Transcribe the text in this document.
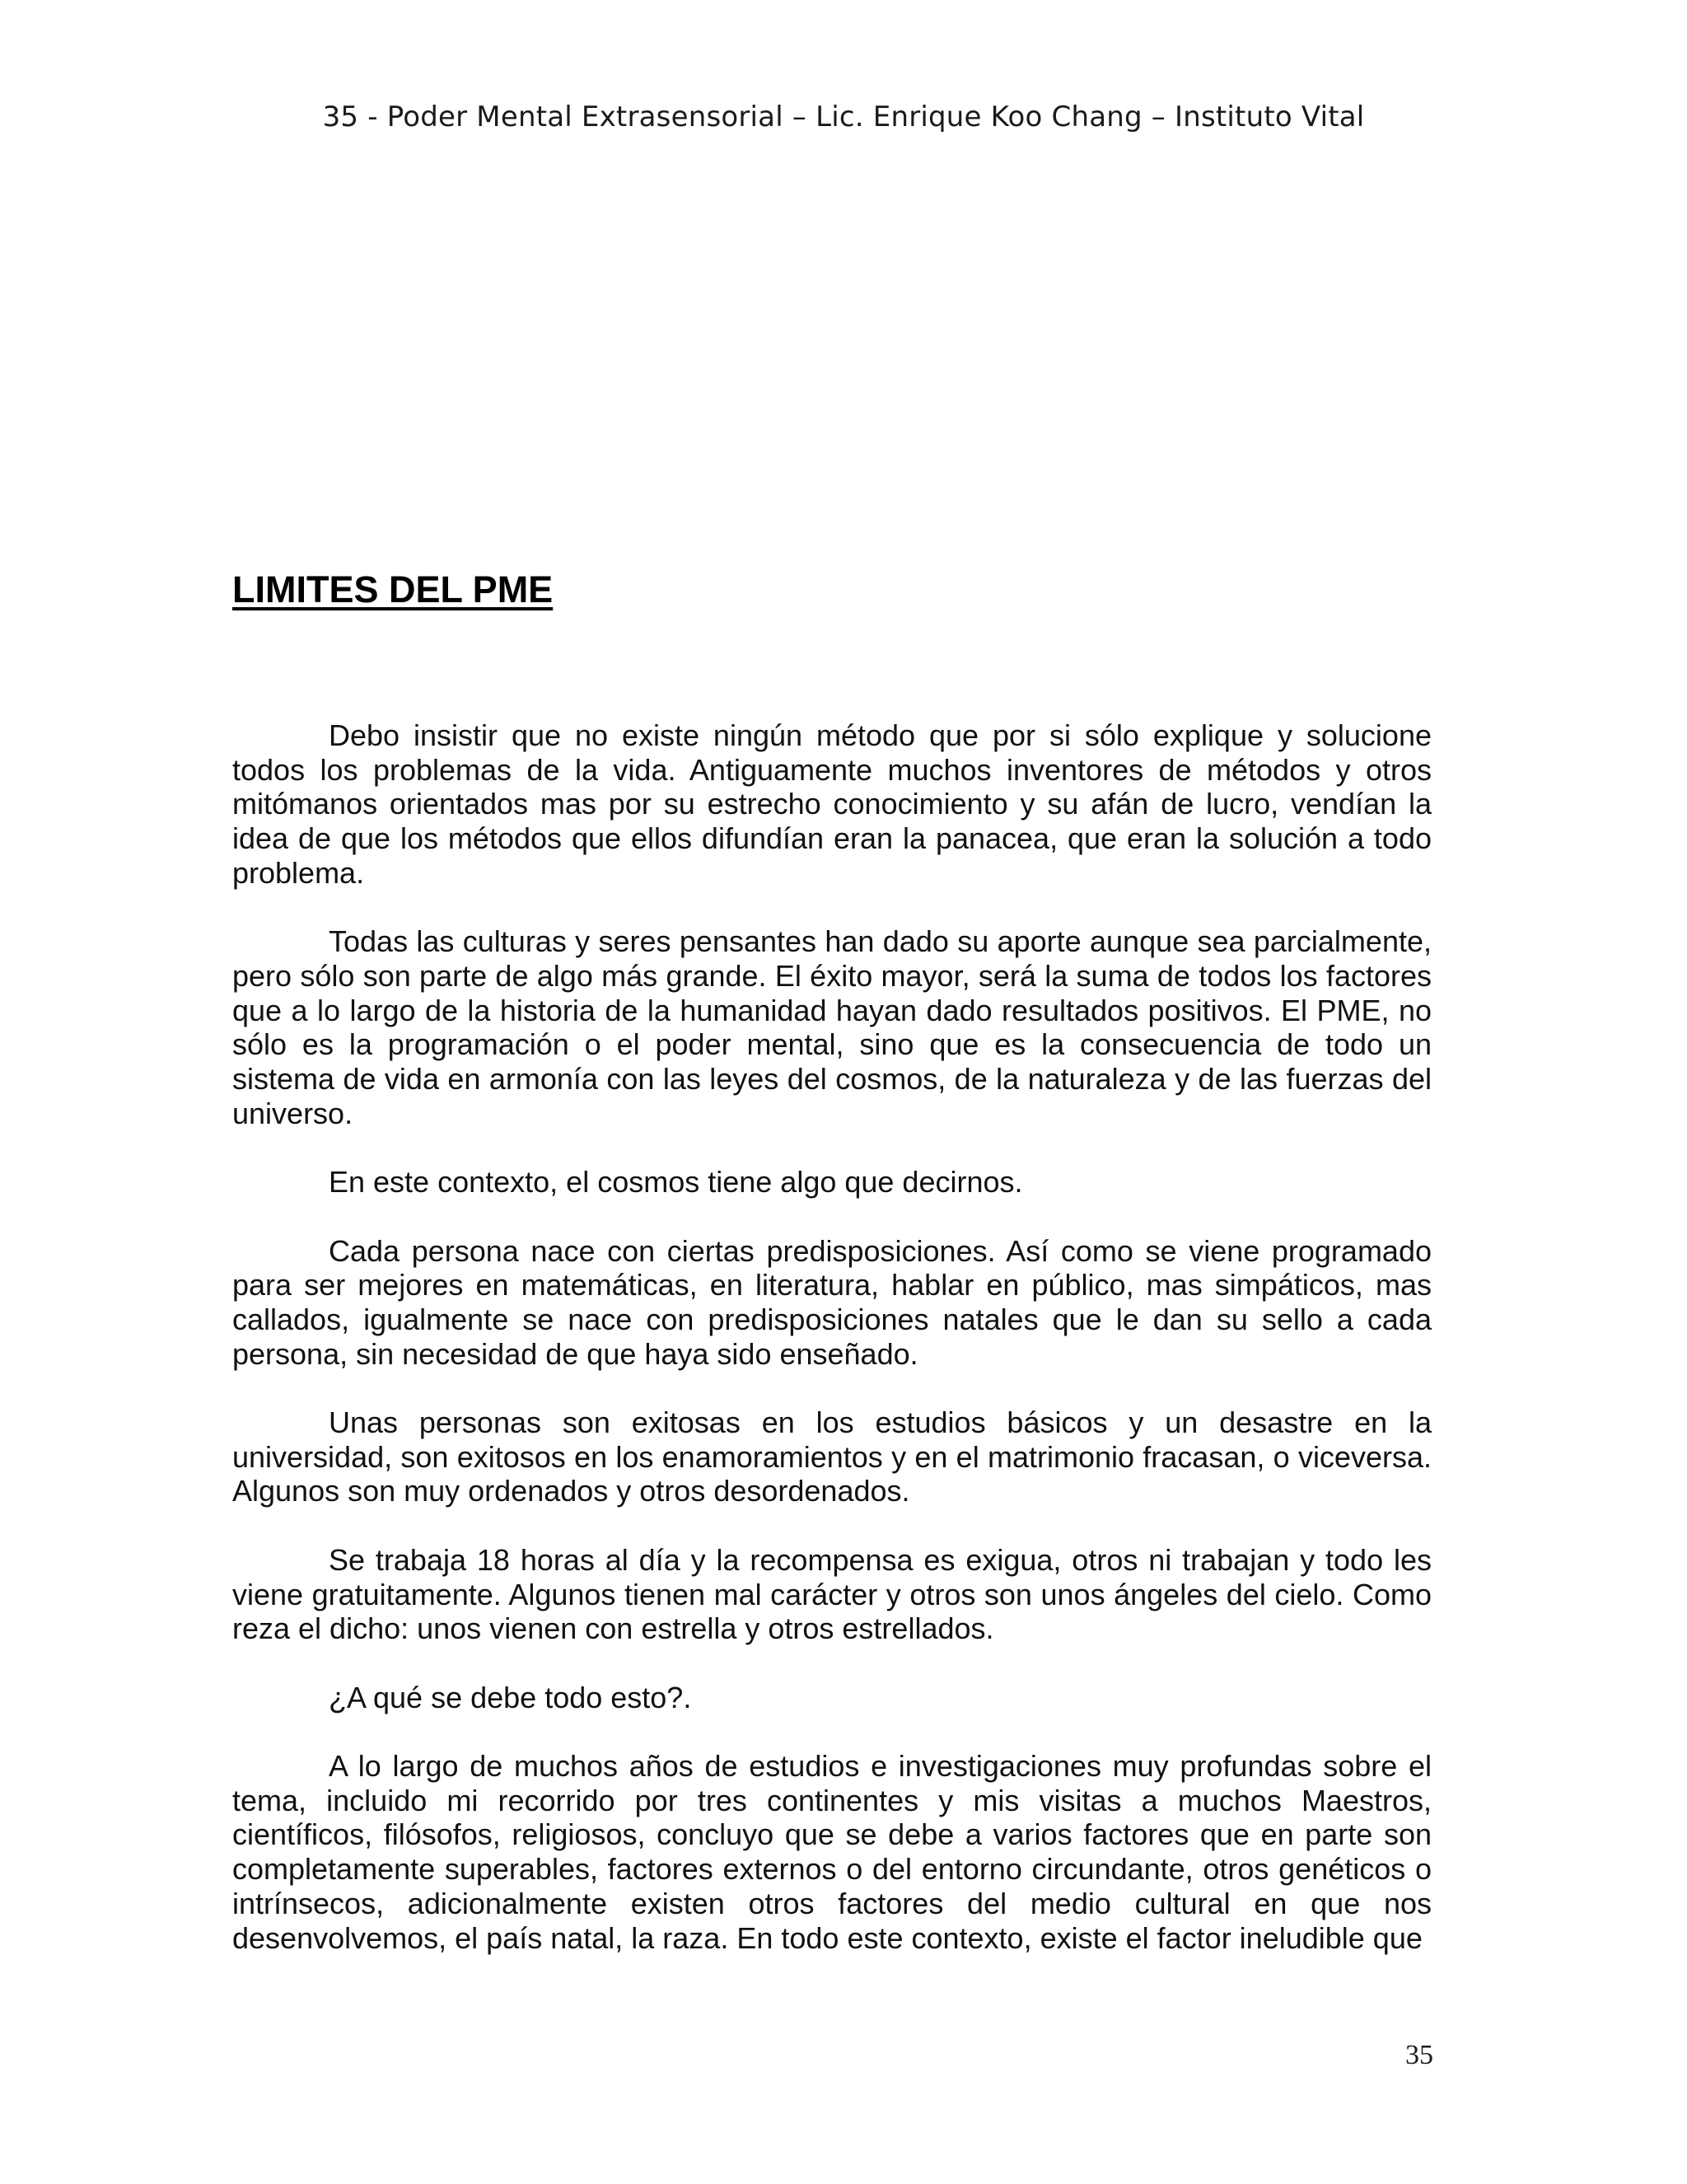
35 - Poder Mental Extrasensorial – Lic. Enrique Koo Chang – Instituto Vital
LIMITES DEL PME

Debo insistir que no existe ningún método que por si sólo explique y solucione todos los problemas de la vida. Antiguamente muchos inventores de métodos y otros mitómanos orientados mas por su estrecho conocimiento y su afán de lucro, vendían la idea de que los métodos que ellos difundían eran la panacea, que eran la solución a todo problema.

Todas las culturas y seres pensantes han dado su aporte aunque sea parcialmente, pero sólo son parte de algo más grande. El éxito mayor, será la suma de todos los factores que a lo largo de la historia de la humanidad hayan dado resultados positivos. El PME, no sólo es la programación o el poder mental, sino que es la consecuencia de todo un sistema de vida en armonía con las leyes del cosmos, de la naturaleza y de las fuerzas del universo.

En este contexto, el cosmos tiene algo que decirnos.

Cada persona nace con ciertas predisposiciones. Así como se viene programado para ser mejores en matemáticas, en literatura, hablar en público, mas simpáticos, mas callados, igualmente se nace con predisposiciones natales que le dan su sello a cada persona, sin necesidad de que haya sido enseñado.

Unas personas son exitosas en los estudios básicos y un desastre en la universidad, son exitosos en los enamoramientos y en el matrimonio fracasan, o viceversa. Algunos son muy ordenados y otros desordenados.

Se trabaja 18 horas al día y la recompensa es exigua, otros ni trabajan y todo les viene gratuitamente. Algunos tienen mal carácter y otros son unos ángeles del cielo. Como reza el dicho: unos vienen con estrella y otros estrellados.

¿A qué se debe todo esto?.

A lo largo de muchos años de estudios e investigaciones muy profundas sobre el tema, incluido mi recorrido por tres continentes y mis visitas a muchos Maestros, científicos, filósofos, religiosos, concluyo que se debe a varios factores que en parte son completamente superables, factores externos o del entorno circundante, otros genéticos o intrínsecos, adicionalmente existen otros factores del medio cultural en que nos desenvolvemos, el país natal, la raza. En todo este contexto, existe el factor ineludible que

35
